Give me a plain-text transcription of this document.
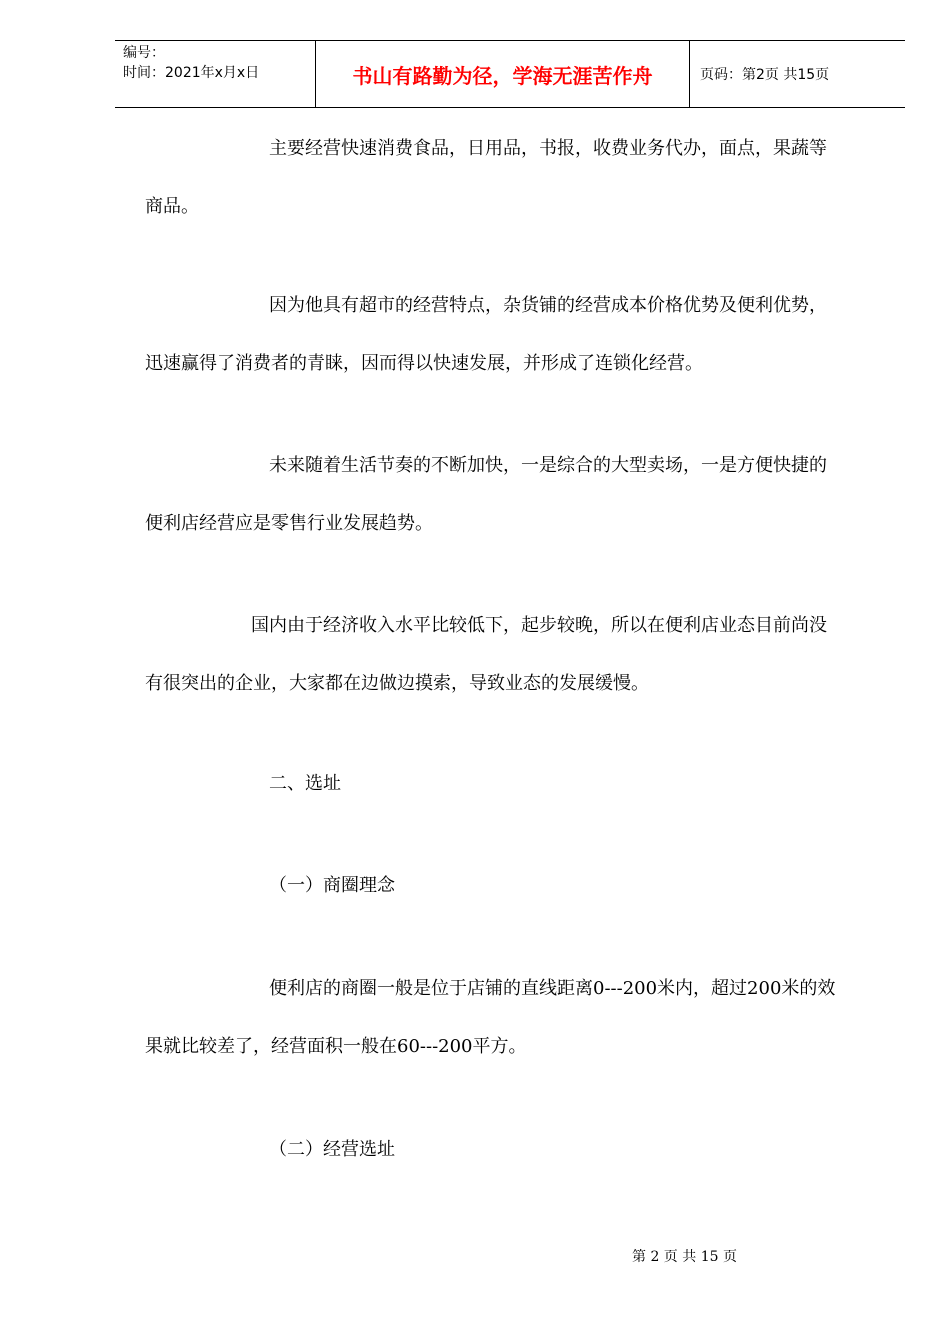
编号：
时间：2021年x月x日	书山有路勤为径，学海无涯苦作舟	页码：第2页 共15页
主要经营快速消费食品，日用品，书报，收费业务代办，面点，果蔬等
商品。
因为他具有超市的经营特点，杂货铺的经营成本价格优势及便利优势，
迅速赢得了消费者的青睐，因而得以快速发展，并形成了连锁化经营。
未来随着生活节奏的不断加快，一是综合的大型卖场，一是方便快捷的
便利店经营应是零售行业发展趋势。
国内由于经济收入水平比较低下，起步较晚，所以在便利店业态目前尚没
有很突出的企业，大家都在边做边摸索，导致业态的发展缓慢。
二、选址
（一）商圈理念
便利店的商圈一般是位于店铺的直线距离0---200米内，超过200米的效
果就比较差了，经营面积一般在60---200平方。
（二）经营选址
第 2 页 共 15 页
